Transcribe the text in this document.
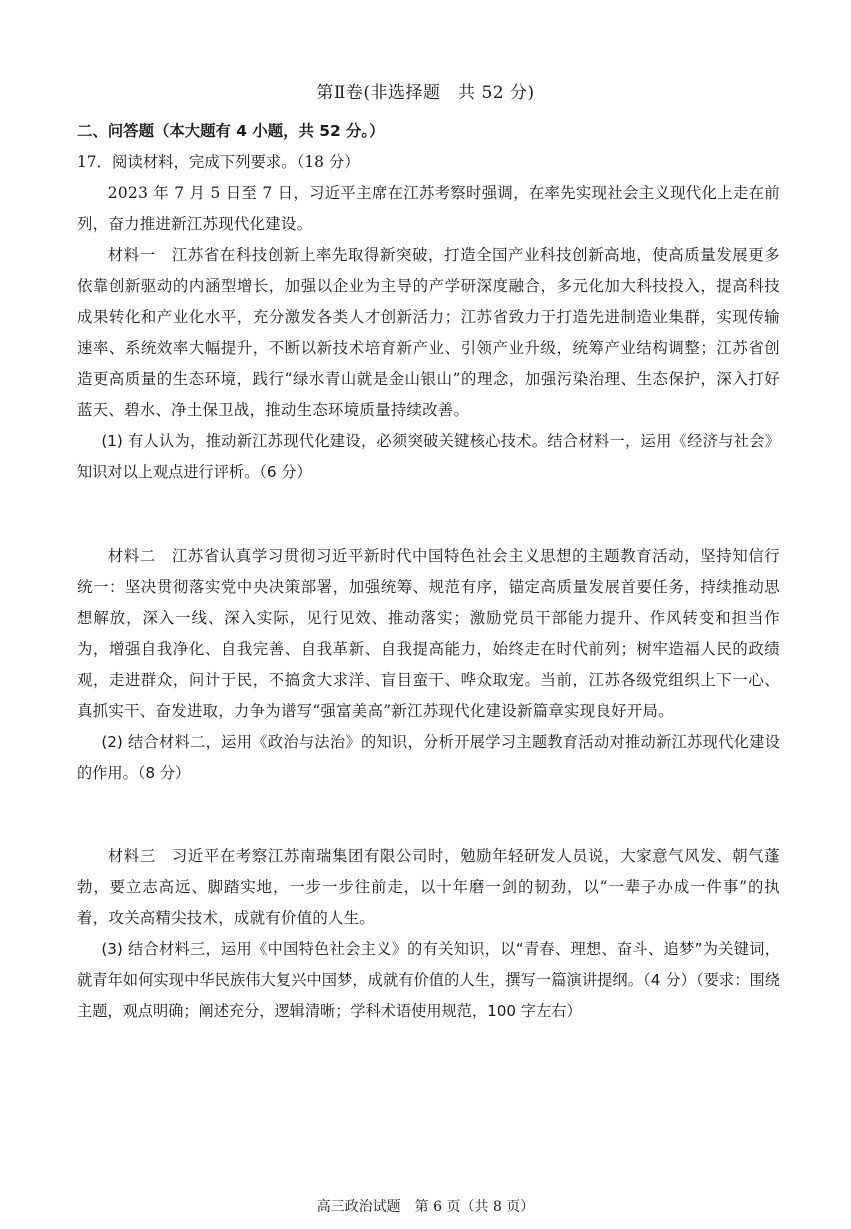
第Ⅱ卷(非选择题　共 52 分)
二、问答题（本大题有 4 小题，共 52 分。）
17．阅读材料，完成下列要求。（18 分）
2023 年 7 月 5 日至 7 日，习近平主席在江苏考察时强调，在率先实现社会主义现代化上走在前列，奋力推进新江苏现代化建设。
材料一　江苏省在科技创新上率先取得新突破，打造全国产业科技创新高地，使高质量发展更多依靠创新驱动的内涵型增长，加强以企业为主导的产学研深度融合，多元化加大科技投入，提高科技成果转化和产业化水平，充分激发各类人才创新活力；江苏省致力于打造先进制造业集群，实现传输速率、系统效率大幅提升，不断以新技术培育新产业、引领产业升级，统筹产业结构调整；江苏省创造更高质量的生态环境，践行“绿水青山就是金山银山”的理念，加强污染治理、生态保护，深入打好蓝天、碧水、净土保卫战，推动生态环境质量持续改善。
(1) 有人认为，推动新江苏现代化建设，必须突破关键核心技术。结合材料一，运用《经济与社会》知识对以上观点进行评析。（6 分）
材料二　江苏省认真学习贯彻习近平新时代中国特色社会主义思想的主题教育活动，坚持知信行统一：坚决贯彻落实党中央决策部署，加强统筹、规范有序，锚定高质量发展首要任务，持续推动思想解放，深入一线、深入实际，见行见效、推动落实；激励党员干部能力提升、作风转变和担当作为，增强自我净化、自我完善、自我革新、自我提高能力，始终走在时代前列；树牢造福人民的政绩观，走进群众，问计于民，不搞贪大求洋、盲目蛮干、哗众取宠。当前，江苏各级党组织上下一心、真抓实干、奋发进取，力争为谱写“强富美高”新江苏现代化建设新篇章实现良好开局。
(2) 结合材料二，运用《政治与法治》的知识，分析开展学习主题教育活动对推动新江苏现代化建设的作用。（8 分）
材料三　习近平在考察江苏南瑞集团有限公司时，勉励年轻研发人员说，大家意气风发、朝气蓬勃，要立志高远、脚踏实地，一步一步往前走，以十年磨一剑的韧劲，以“一辈子办成一件事”的执着，攻关高精尖技术，成就有价值的人生。
(3) 结合材料三，运用《中国特色社会主义》的有关知识，以“青春、理想、奋斗、追梦”为关键词，就青年如何实现中华民族伟大复兴中国梦，成就有价值的人生，撰写一篇演讲提纲。（4 分）（要求：围绕主题，观点明确；阐述充分，逻辑清晰；学科术语使用规范，100 字左右）
高三政治试题　第 6 页（共 8 页）
